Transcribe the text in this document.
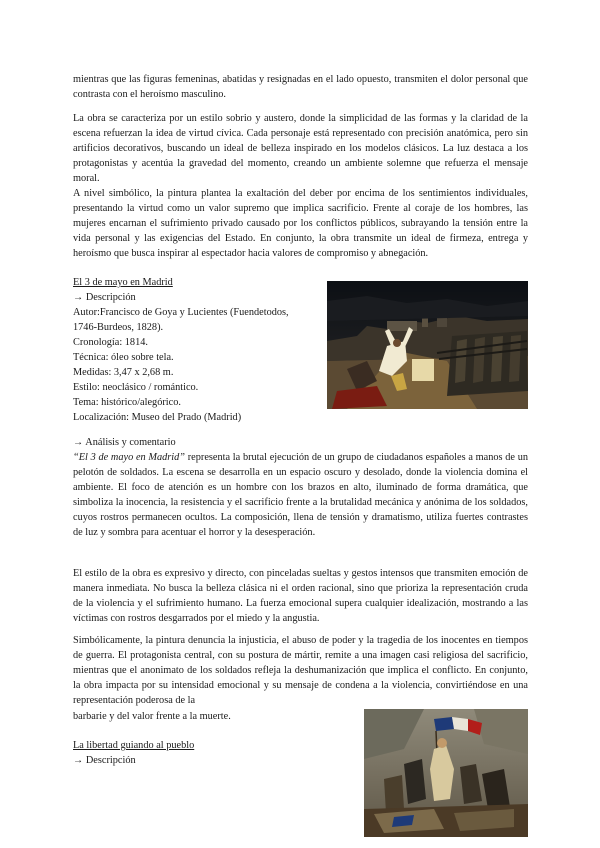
mientras que las figuras femeninas, abatidas y resignadas en el lado opuesto, transmiten el dolor personal que contrasta con el heroísmo masculino.

La obra se caracteriza por un estilo sobrio y austero, donde la simplicidad de las formas y la claridad de la escena refuerzan la idea de virtud cívica. Cada personaje está representado con precisión anatómica, pero sin artificios decorativos, buscando un ideal de belleza inspirado en los modelos clásicos. La luz destaca a los protagonistas y acentúa la gravedad del momento, creando un ambiente solemne que refuerza el mensaje moral.

A nivel simbólico, la pintura plantea la exaltación del deber por encima de los sentimientos individuales, presentando la virtud como un valor supremo que implica sacrificio. Frente al coraje de los hombres, las mujeres encarnan el sufrimiento privado causado por los conflictos públicos, subrayando la tensión entre la vida personal y las exigencias del Estado. En conjunto, la obra transmite un ideal de firmeza, entrega y heroísmo que busca inspirar al espectador hacia valores de compromiso y abnegación.

El 3 de mayo en Madrid
→ Descripción
Autor:Francisco de Goya y Lucientes (Fuendetodos,
1746-Burdeos, 1828).
Cronología: 1814.
Técnica: óleo sobre tela.
Medidas: 3,47 x 2,68 m.
Estilo: neoclásico / romántico.
Tema: histórico/alegórico.
Localización: Museo del Prado (Madrid)
→ Análisis y comentario
“El 3 de mayo en Madrid” representa la brutal ejecución de un grupo de ciudadanos españoles a manos de un pelotón de soldados. La escena se desarrolla en un espacio oscuro y desolado, donde la violencia domina el ambiente. El foco de atención es un hombre con los brazos en alto, iluminado de forma dramática, que simboliza la inocencia, la resistencia y el sacrificio frente a la brutalidad mecánica y anónima de los soldados, cuyos rostros permanecen ocultos. La composición, llena de tensión y dramatismo, utiliza fuertes contrastes de luz y sombra para acentuar el horror y la desesperación.

El estilo de la obra es expresivo y directo, con pinceladas sueltas y gestos intensos que transmiten emoción de manera inmediata. No busca la belleza clásica ni el orden racional, sino que prioriza la representación cruda de la violencia y el sufrimiento humano. La fuerza emocional supera cualquier idealización, mostrando a las víctimas con rostros desgarrados por el miedo y la angustia.

Simbólicamente, la pintura denuncia la injusticia, el abuso de poder y la tragedia de los inocentes en tiempos de guerra. El protagonista central, con su postura de mártir, remite a una imagen casi religiosa del sacrificio, mientras que el anonimato de los soldados refleja la deshumanización que implica el conflicto. En conjunto, la obra impacta por su intensidad emocional y su mensaje de condena a la violencia, convirtiéndose en una representación poderosa de la

barbarie y del valor frente a la muerte.

La libertad guiando al pueblo
→ Descripción
